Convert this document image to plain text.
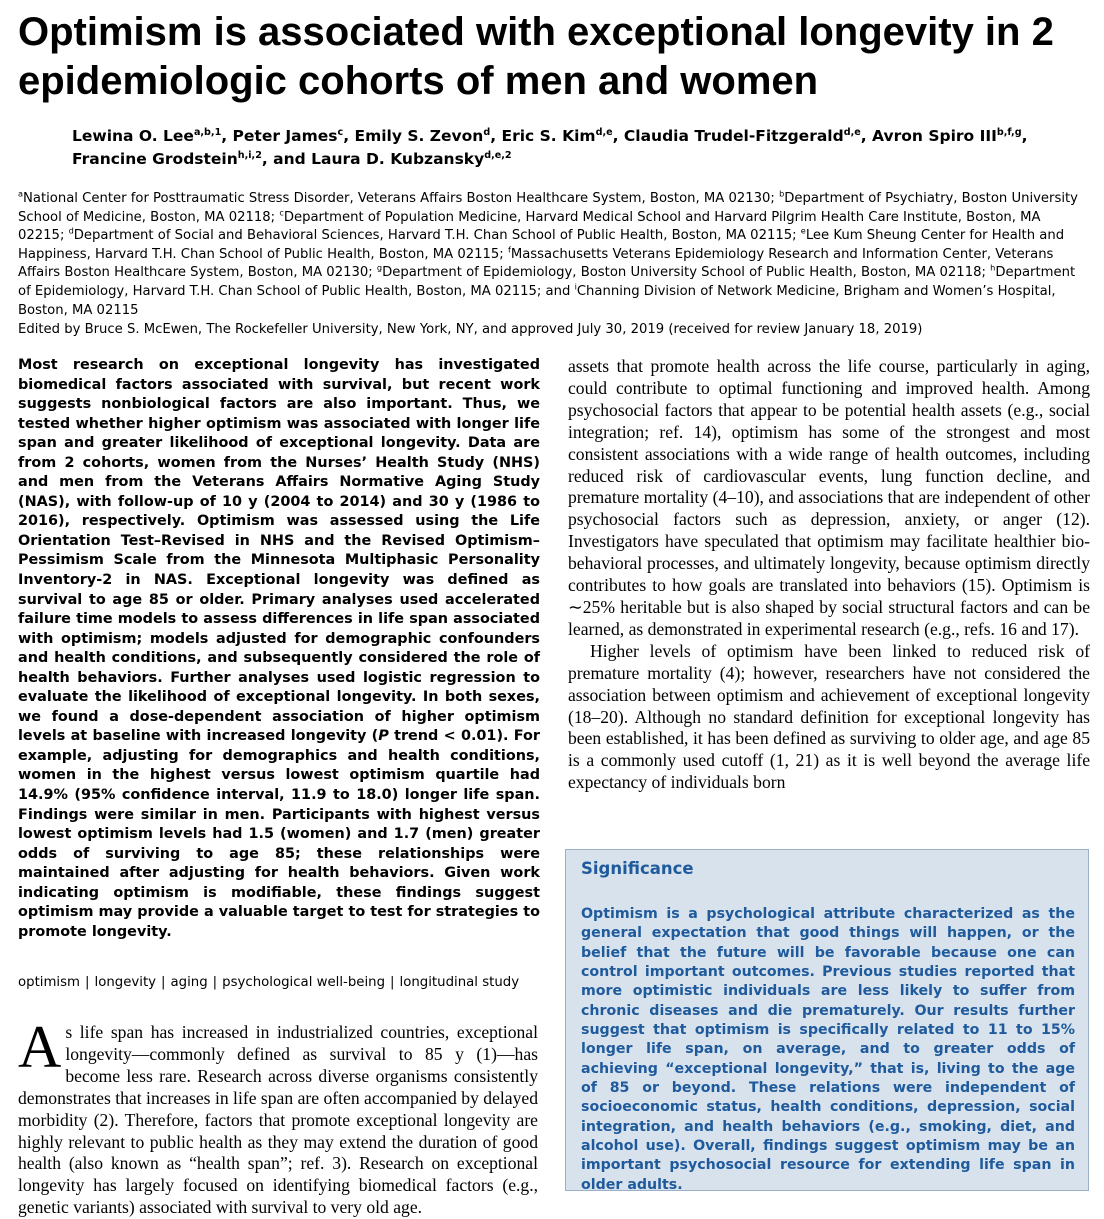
Optimism is associated with exceptional longevity in 2 epidemiologic cohorts of men and women
Lewina O. Lee$^{a,b,1}$, Peter James$^c$, Emily S. Zevon$^d$, Eric S. Kim$^{d,e}$, Claudia Trudel-Fitzgerald$^{d,e}$, Avron Spiro III$^{b,f,g}$,
Francine Grodstein$^{h,i,2}$, and Laura D. Kubzansky$^{d,e,2}$
$^a$National Center for Posttraumatic Stress Disorder, Veterans Affairs Boston Healthcare System, Boston, MA 02130; $^b$Department of Psychiatry, Boston University School of Medicine, Boston, MA 02118; $^c$Department of Population Medicine, Harvard Medical School and Harvard Pilgrim Health Care Institute, Boston, MA 02215; $^d$Department of Social and Behavioral Sciences, Harvard T.H. Chan School of Public Health, Boston, MA 02115; $^e$Lee Kum Sheung Center for Health and Happiness, Harvard T.H. Chan School of Public Health, Boston, MA 02115; $^f$Massachusetts Veterans Epidemiology Research and Information Center, Veterans Affairs Boston Healthcare System, Boston, MA 02130; $^g$Department of Epidemiology, Boston University School of Public Health, Boston, MA 02118; $^h$Department of Epidemiology, Harvard T.H. Chan School of Public Health, Boston, MA 02115; and $^i$Channing Division of Network Medicine, Brigham and Women’s Hospital, Boston, MA 02115
Edited by Bruce S. McEwen, The Rockefeller University, New York, NY, and approved July 30, 2019 (received for review January 18, 2019)
Most research on exceptional longevity has investigated biomedical factors associated with survival, but recent work suggests nonbiological factors are also important. Thus, we tested whether higher optimism was associated with longer life span and greater likelihood of exceptional longevity. Data are from 2 cohorts, women from the Nurses’ Health Study (NHS) and men from the Veterans Affairs Normative Aging Study (NAS), with follow-up of 10 y (2004 to 2014) and 30 y (1986 to 2016), respectively. Optimism was assessed using the Life Orientation Test–Revised in NHS and the Revised Optimism–Pessimism Scale from the Minnesota Multiphasic Personality Inventory-2 in NAS. Exceptional longevity was defined as survival to age 85 or older. Primary analyses used accelerated failure time models to assess differences in life span associated with optimism; models adjusted for demographic confounders and health conditions, and subsequently considered the role of health behaviors. Further analyses used logistic regression to evaluate the likelihood of exceptional longevity. In both sexes, we found a dose-dependent association of higher optimism levels at baseline with increased longevity (P trend < 0.01). For example, adjusting for demographics and health conditions, women in the highest versus lowest optimism quartile had 14.9% (95% confidence interval, 11.9 to 18.0) longer life span. Findings were similar in men. Participants with highest versus lowest optimism levels had 1.5 (women) and 1.7 (men) greater odds of surviving to age 85; these relationships were maintained after adjusting for health behaviors. Given work indicating optimism is modifiable, these findings suggest optimism may provide a valuable target to test for strategies to promote longevity.
optimism | longevity | aging | psychological well-being | longitudinal study
As life span has increased in industrialized countries, exceptional longevity—commonly defined as survival to 85 y (1)—has become less rare. Research across diverse organisms consistently demonstrates that increases in life span are often accompanied by delayed morbidity (2). Therefore, factors that promote exceptional longevity are highly relevant to public health as they may extend the duration of good health (also known as “health span”; ref. 3). Research on exceptional longevity has largely focused on identifying biomedical factors (e.g., genetic variants) associated with survival to very old age.

assets that promote health across the life course, particularly in aging, could contribute to optimal functioning and improved health. Among psychosocial factors that appear to be potential health assets (e.g., social integration; ref. 14), optimism has some of the strongest and most consistent associations with a wide range of health outcomes, including reduced risk of cardiovascular events, lung function decline, and premature mortality (4–10), and associations that are independent of other psychosocial factors such as depression, anxiety, or anger (12). Investigators have speculated that optimism may facilitate healthier biobehavioral processes, and ultimately longevity, because optimism directly contributes to how goals are translated into behaviors (15). Optimism is ∼25% heritable but is also shaped by social structural factors and can be learned, as demonstrated in experimental research (e.g., refs. 16 and 17).

Higher levels of optimism have been linked to reduced risk of premature mortality (4); however, researchers have not considered the association between optimism and achievement of exceptional longevity (18–20). Although no standard definition for exceptional longevity has been established, it has been defined as surviving to older age, and age 85 is a commonly used cutoff (1, 21) as it is well beyond the average life expectancy of individuals born

Significance
Optimism is a psychological attribute characterized as the general expectation that good things will happen, or the belief that the future will be favorable because one can control important outcomes. Previous studies reported that more optimistic individuals are less likely to suffer from chronic diseases and die prematurely. Our results further suggest that optimism is specifically related to 11 to 15% longer life span, on average, and to greater odds of achieving “exceptional longevity,” that is, living to the age of 85 or beyond. These relations were independent of socioeconomic status, health conditions, depression, social integration, and health behaviors (e.g., smoking, diet, and alcohol use). Overall, findings suggest optimism may be an important psychosocial resource for extending life span in older adults.
